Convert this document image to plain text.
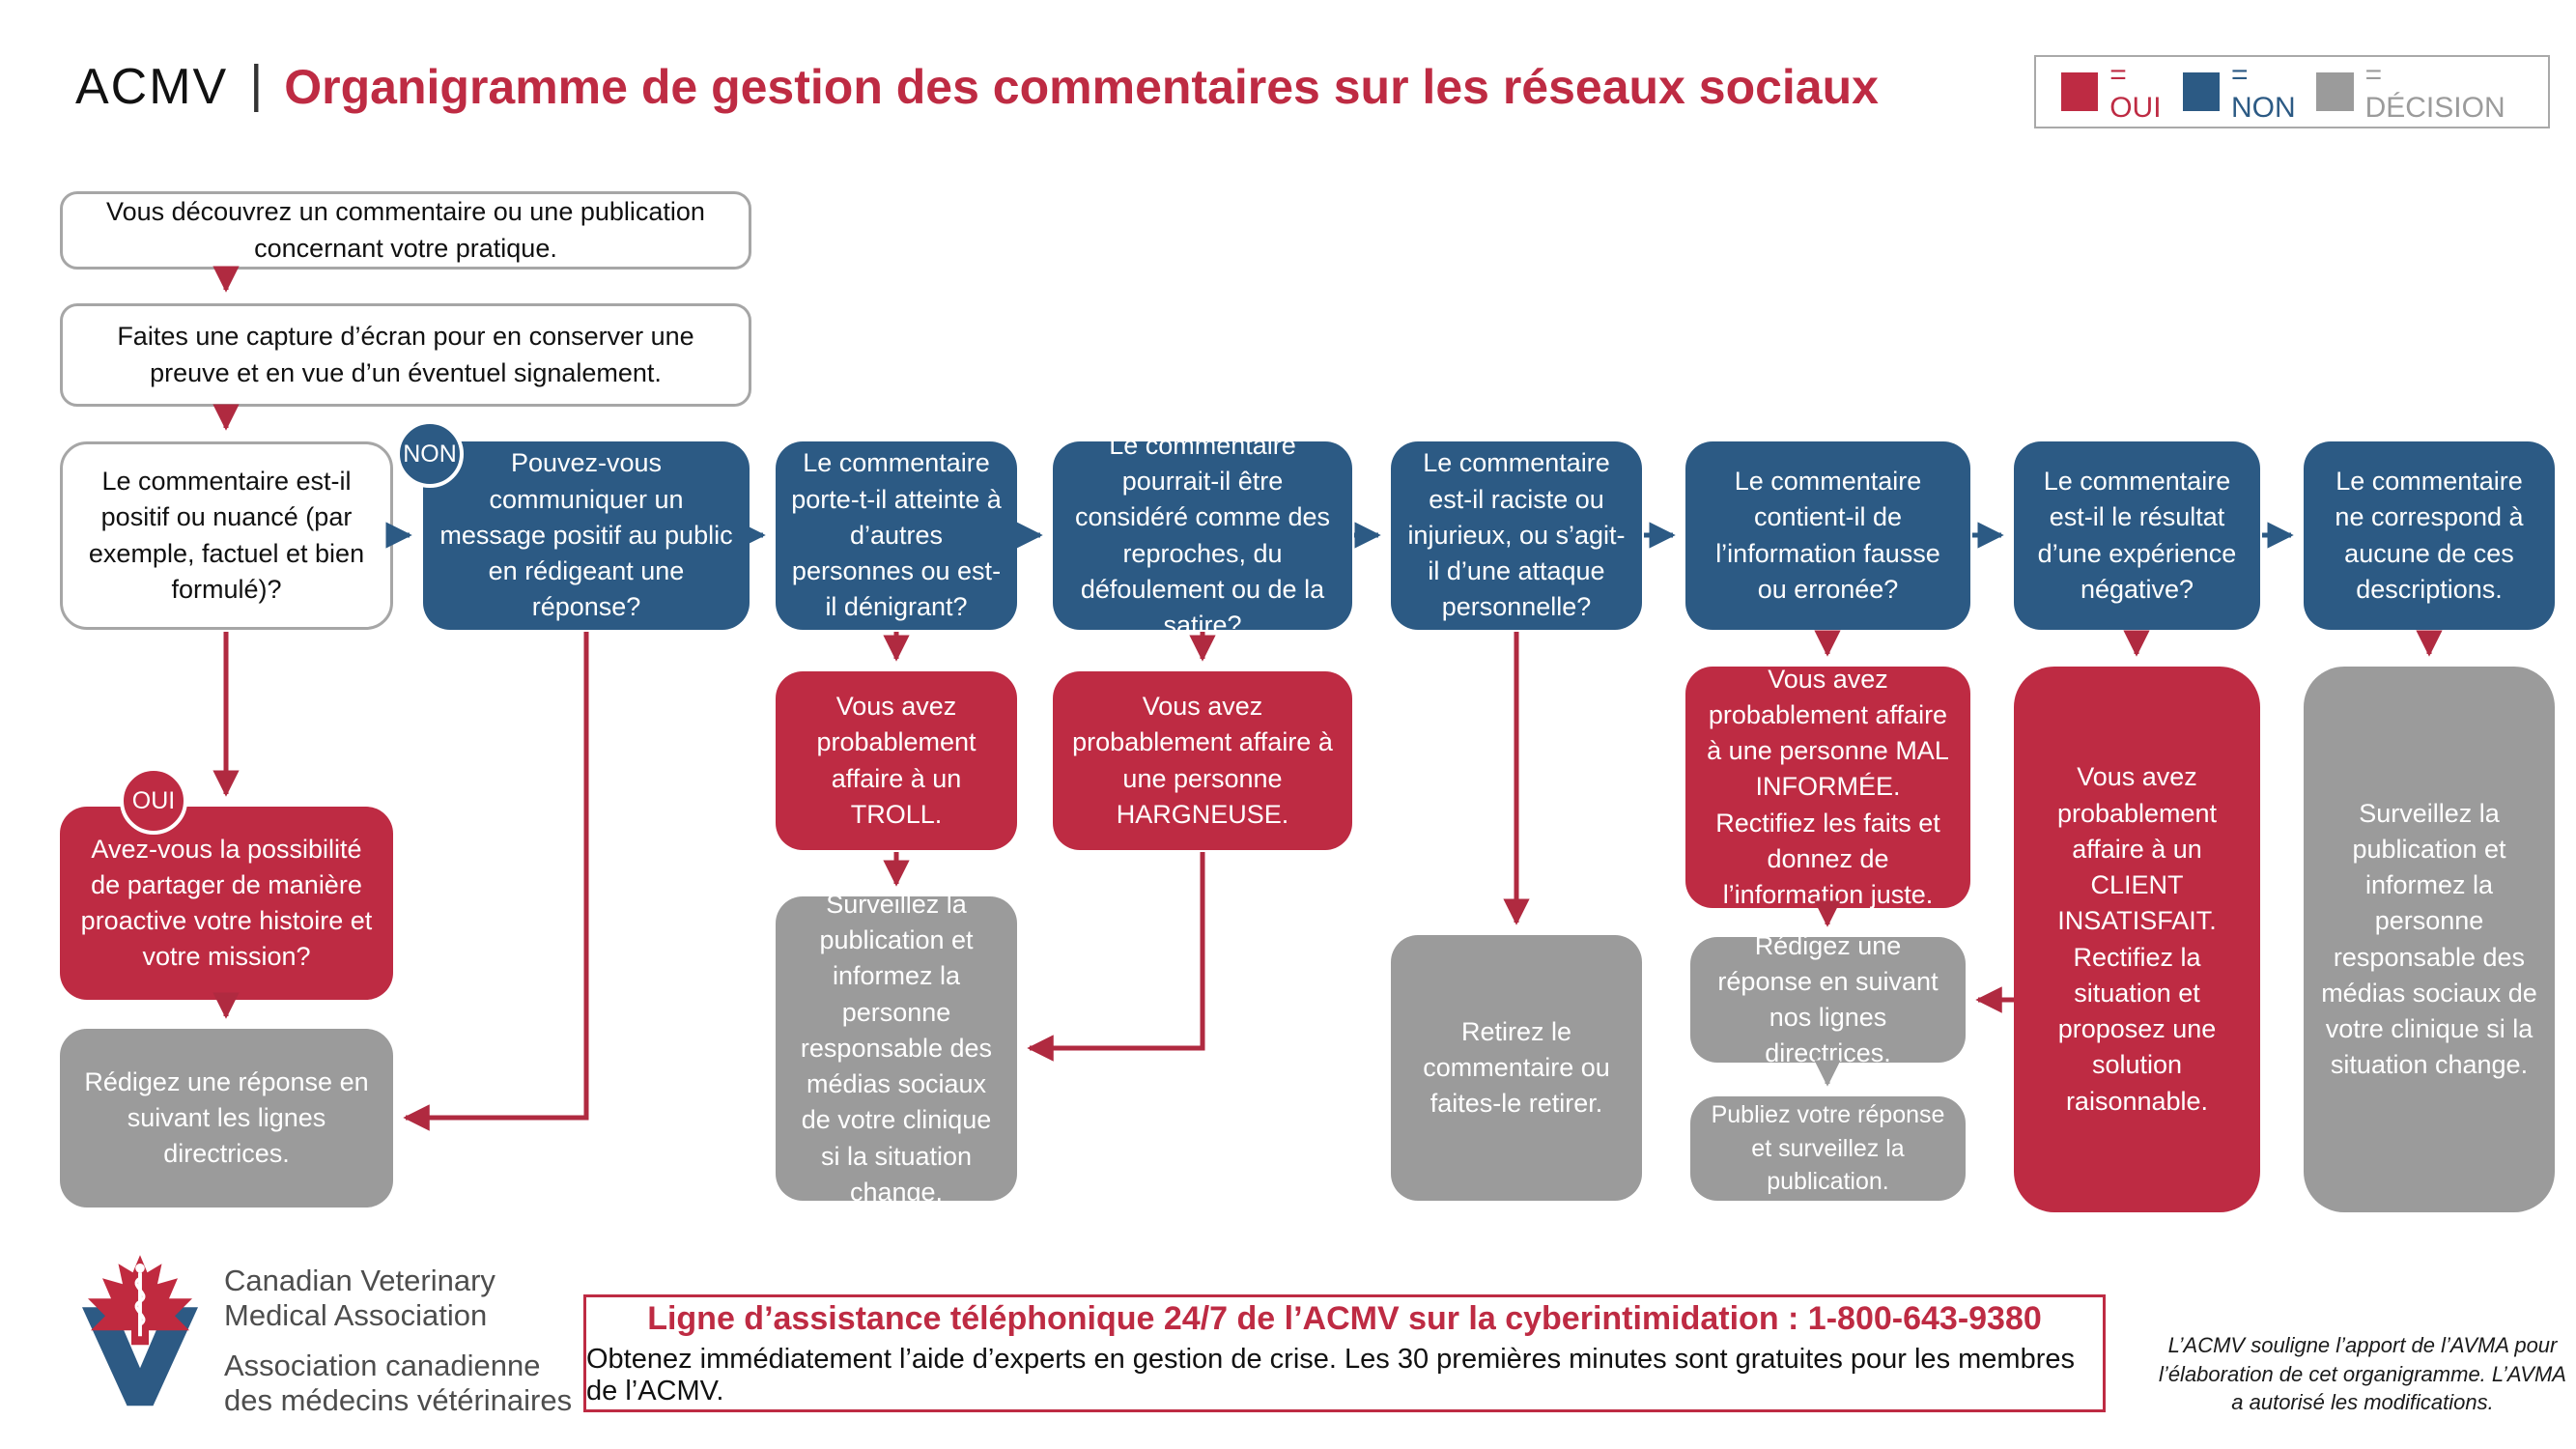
ACMV | Organigramme de gestion des commentaires sur les réseaux sociaux	= OUI
= NON
= DÉCISION
Vous découvrez un commentaire ou une publication concernant votre pratique.
Faites une capture d’écran pour en conserver une preuve et en vue d’un éventuel signalement.
Le commentaire est-il positif ou nuancé (par exemple, factuel et bien formulé)?
Pouvez-vous communiquer un message positif au public en rédigeant une réponse?
Le commentaire porte-t-il atteinte à d’autres personnes ou est-il dénigrant?
Le commentaire pourrait-il être considéré comme des reproches, du défoulement ou de la satire?
Le commentaire est-il raciste ou injurieux, ou s’agit-il d’une attaque personnelle?
Le commentaire contient-il de l’information fausse ou erronée?
Le commentaire est-il le résultat d’une expérience négative?
Le commentaire ne correspond à aucune de ces descriptions.
Avez-vous la possibilité de partager de manière proactive votre histoire et votre mission?
Rédigez une réponse en suivant les lignes directrices.
Vous avez probablement affaire à un TROLL.
Surveillez la publication et informez la personne responsable des médias sociaux de votre clinique si la situation change.
Vous avez probablement affaire à une personne HARGNEUSE.
Retirez le commentaire ou faites-le retirer.
Vous avez probablement affaire à une personne MAL INFORMÉE. Rectifiez les faits et donnez de l’information juste.
Rédigez une réponse en suivant nos lignes directrices.
Publiez votre réponse et surveillez la publication.
Vous avez probablement affaire à un CLIENT INSATISFAIT. Rectifiez la situation et proposez une solution raisonnable.
Surveillez la publication et informez la personne responsable des médias sociaux de votre clinique si la situation change.
NON
OUI
Canadian Veterinary
Medical Association
Association canadienne
des médecins vétérinaires
Ligne d’assistance téléphonique 24/7 de l’ACMV sur la cyberintimidation : 1-800-643-9380
Obtenez immédiatement l’aide d’experts en gestion de crise. Les 30 premières minutes sont gratuites pour les membres de l’ACMV.
L’ACMV souligne l’apport de l’AVMA pour l’élaboration de cet organigramme. L’AVMA a autorisé les modifications.
